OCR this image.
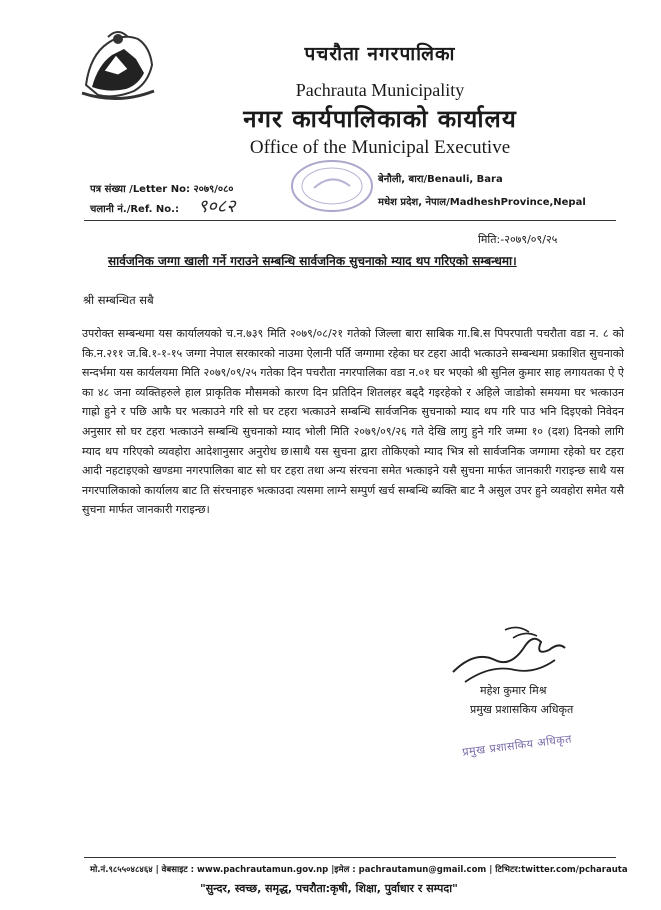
पचरौता नगरपालिका
Pachrauta Municipality
नगर कार्यपालिकाको कार्यालय
Office of the Municipal Executive
पत्र संख्या /Letter No: २०७९/०८०
चलानी नं./Ref. No.: ९०८२
बेनौली, बारा/Benauli, Bara
मधेश प्रदेश, नेपाल/MadheshProvince,Nepal
मिति:-२०७९/०९/२५
सार्वजनिक जग्गा खाली गर्ने गराउने सम्बन्धि सार्वजनिक सुचनाको म्याद थप गरिएको सम्बन्धमा।
श्री सम्बन्धित सबै

उपरोक्त सम्बन्धमा यस कार्यालयको च.न.७३९ मिति २०७९/०८/२१ गतेको जिल्ला बारा साबिक गा.बि.स पिपरपाती पचरौता वडा न. ८ को कि.न.२११ ज.बि.१-१-१५ जग्गा नेपाल सरकारको नाउमा ऐलानी पर्ति जग्गामा रहेका घर टहरा आदी भत्काउने सम्बन्धमा प्रकाशित सुचनाको सन्दर्भमा यस कार्यलयमा मिति २०७९/०९/२५ गतेका दिन पचरौता नगरपालिका वडा न.०१ घर भएको श्री सुनिल कुमार साह लगायतका ऐ ऐ का ४८ जना व्यक्तिहरुले हाल प्राकृतिक मौसमको कारण दिन प्रतिदिन शितलहर बढ्दै गइरहेको र अहिले जाडोको समयमा घर भत्काउन गाह्रो हुने र पछि आफै घर भत्काउने गरि सो घर टहरा भत्काउने सम्बन्धि सार्वजनिक सुचनाको म्याद थप गरि पाउ भनि दिइएको निवेदन अनुसार सो घर टहरा भत्काउने सम्बन्धि सुचनाको म्याद भोली मिति २०७९/०९/२६ गते देखि लागु हुने गरि जम्मा १० (दश) दिनको लागि म्याद थप गरिएको व्यवहोरा आदेशानुसार अनुरोध छ।साथै यस सुचना द्वारा तोकिएको म्याद भित्र सो सार्वजनिक जग्गामा रहेको घर टहरा आदी नहटाइएको खण्डमा नगरपालिका बाट सो घर टहरा तथा अन्य संरचना समेत भत्काइने यसै सुचना मार्फत जानकारी गराइन्छ साथै यस नगरपालिकाको कार्यालय बाट ति संरचनाहरु भत्काउदा त्यसमा लाग्ने सम्पुर्ण खर्च सम्बन्धि ब्यक्ति बाट नै असुल उपर हुने व्यवहोरा समेत यसै सुचना मार्फत जानकारी गराइन्छ।

महेश कुमार मिश्र
प्रमुख प्रशासकिय अधिकृत
प्रमुख प्रशासकिय अधिकृत
मो.नं.९८५५०४८४६४ | वेबसाइट : www.pachrautamun.gov.np |इमेल : pachrautamun@gmail.com | टिभिटर:twitter.com/pcharauta
"सुन्दर, स्वच्छ, समृद्ध, पचरौता:कृषी, शिक्षा, पुर्वाधार र सम्पदा"
